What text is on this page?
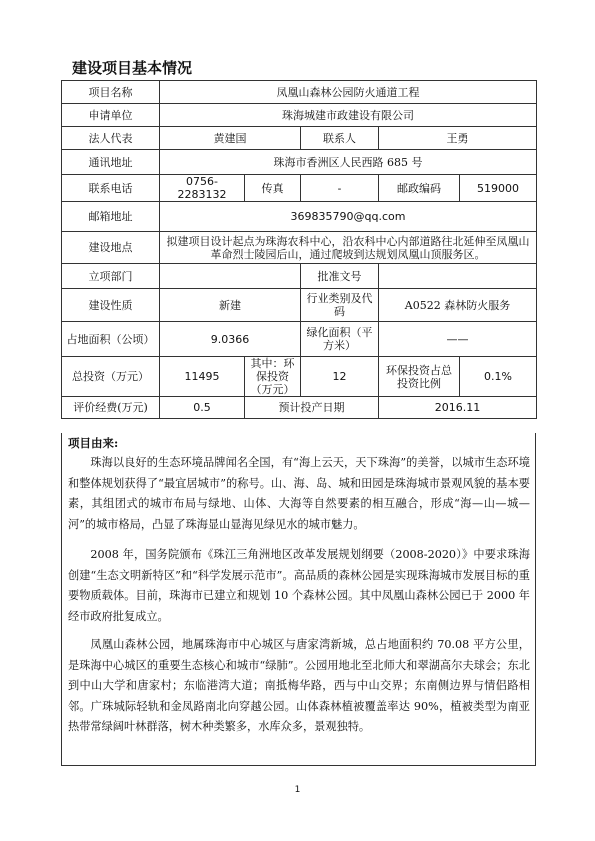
建设项目基本情况
项目名称	凤凰山森林公园防火通道工程				
申请单位	珠海城建市政建设有限公司				
法人代表	黄建国		联系人	王勇	
通讯地址	珠海市香洲区人民西路 685 号				
联系电话	0756-2283132	传真	-	邮政编码	519000
邮箱地址	369835790@qq.com				
建设地点	拟建项目设计起点为珠海农科中心，沿农科中心内部道路往北延伸至凤凰山革命烈士陵园后山，通过爬坡到达规划凤凰山顶服务区。				
立项部门			批准文号		
建设性质	新建		行业类别及代码	A0522 森林防火服务	
占地面积（公顷）	9.0366		绿化面积（平方米）	——	
总投资（万元）	11495	其中：环保投资（万元）	12	环保投资占总投资比例	0.1%
评价经费(万元)	0.5	预计投产日期		2016.11	
项目由来:
珠海以良好的生态环境品牌闻名全国，有“海上云天，天下珠海”的美誉，以城市生态环境和整体规划获得了“最宜居城市”的称号。山、海、岛、城和田园是珠海城市景观风貌的基本要素，其组团式的城市布局与绿地、山体、大海等自然要素的相互融合，形成“海—山—城—河”的城市格局，凸显了珠海显山显海见绿见水的城市魅力。
2008 年，国务院颁布《珠江三角洲地区改革发展规划纲要（2008-2020）》中要求珠海创建“生态文明新特区”和“科学发展示范市”。高品质的森林公园是实现珠海城市发展目标的重要物质载体。目前，珠海市已建立和规划 10 个森林公园。其中凤凰山森林公园已于 2000 年经市政府批复成立。
凤凰山森林公园，地属珠海市中心城区与唐家湾新城，总占地面积约 70.08 平方公里，是珠海中心城区的重要生态核心和城市“绿肺”。公园用地北至北师大和翠湖高尔夫球会；东北到中山大学和唐家村；东临港湾大道；南抵梅华路，西与中山交界；东南侧边界与情侣路相邻。广珠城际轻轨和金凤路南北向穿越公园。山体森林植被覆盖率达 90%，植被类型为南亚热带常绿阔叶林群落，树木种类繁多，水库众多，景观独特。
1
